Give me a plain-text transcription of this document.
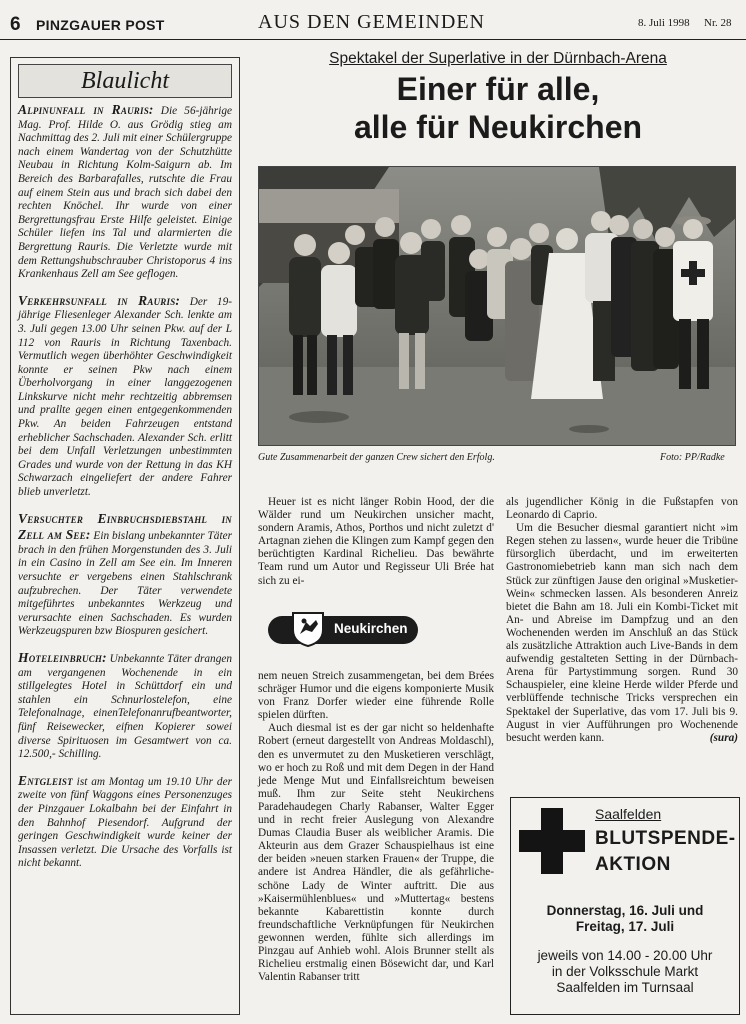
6 PINZGAUER POST	AUS DEN GEMEINDEN	8. Juli 1998 Nr. 28
Blaulicht
Alpinunfall in Rauris: Die 56-jährige Mag. Prof. Hilde O. aus Grödig stieg am Nachmittag des 2. Juli mit einer Schülergruppe nach einem Wandertag von der Schutzhütte Neubau in Richtung Kolm-Saigurn ab. Im Bereich des Barbarafalles, rutschte die Frau auf einem Stein aus und brach sich dabei den rechten Knöchel. Ihr wurde von einer Bergrettungsfrau Erste Hilfe geleistet. Einige Schüler liefen ins Tal und alarmierten die Bergrettung Rauris. Die Verletzte wurde mit dem Rettungshubschrauber Christoporus 4 ins Krankenhaus Zell am See geflogen.
Verkehrsunfall in Rauris: Der 19-jährige Fliesenleger Alexander Sch. lenkte am 3. Juli gegen 13.00 Uhr seinen Pkw. auf der L 112 von Rauris in Richtung Taxenbach. Vermutlich wegen überhöhter Geschwindigkeit konnte er seinen Pkw nach einem Überholvorgang in einer langgezogenen Linkskurve nicht mehr rechtzeitig abbremsen und prallte gegen einen entgegenkommenden Pkw. An beiden Fahrzeugen entstand erheblicher Sachschaden. Alexander Sch. erlitt bei dem Unfall Verletzungen unbestimmten Grades und wurde von der Rettung in das KH Schwarzach eingeliefert der andere Fahrer blieb unverletzt.
Versuchter Einbruchsdiebstahl in Zell am See: Ein bislang unbekannter Täter brach in den frühen Morgenstunden des 3. Juli in ein Casino in Zell am See ein. Im Inneren versuchte er vergebens einen Stahlschrank aufzubrechen. Der Täter verwendete mitgeführtes unbekanntes Werkzeug und verursachte einen Sachschaden. Es wurden Werkzeugspuren bzw Biospuren gesichert.
Hoteleinbruch: Unbekannte Täter drangen am vergangenen Wochenende in ein stillgelegtes Hotel in Schüttdorf ein und stahlen ein Schnurlostelefon, eine Telefonalnage, einenTelefonanrufbeantworter, fünf Reisewecker, eifnen Kopierer sowei diverse Spirituosen im Gesamtwert von ca. 12.500,- Schilling.
Entgleist ist am Montag um 19.10 Uhr der zweite von fünf Waggons eines Personenzuges der Pinzgauer Lokalbahn bei der Einfahrt in den Bahnhof Piesendorf. Aufgrund der geringen Geschwindigkeit wurde keiner der Insassen verletzt. Die Ursache des Vorfalls ist nicht bekannt.
Spektakel der Superlative in der Dürnbach-Arena
Einer für alle,
alle für Neukirchen
Gute Zusammenarbeit der ganzen Crew sichert den Erfolg.	Foto: PP/Radke

Heuer ist es nicht länger Robin Hood, der die Wälder rund um Neukirchen unsicher macht, sondern Aramis, Athos, Porthos und nicht zuletzt d' Artagnan ziehen die Klingen zum Kampf gegen den berüchtigten Kardinal Richelieu. Das bewährte Team rund um Autor und Regisseur Uli Brée hat sich zu ei-

Neukirchen

nem neuen Streich zusammengetan, bei dem Brées schräger Humor und die eigens komponierte Musik von Franz Dorfer wieder eine führende Rolle spielen dürften.

Auch diesmal ist es der gar nicht so heldenhafte Robert (erneut dargestellt von Andreas Moldaschl), den es unvermutet zu den Musketieren verschlägt, wo er hoch zu Roß und mit dem Degen in der Hand jede Menge Mut und Einfallsreichtum beweisen muß. Ihm zur Seite steht Neukirchens Paradehaudegen Charly Rabanser, Walter Egger und in recht freier Auslegung von Alexandre Dumas Claudia Buser als weiblicher Aramis. Die Akteurin aus dem Grazer Schauspielhaus ist eine der beiden »neuen starken Frauen« der Truppe, die andere ist Andrea Händler, die als gefährliche-schöne Lady de Winter auftritt. Die aus »Kaisermühlenblues« und »Muttertag« bestens bekannte Kabarettistin konnte durch freundschaftliche Verknüpfungen für Neukirchen gewonnen werden, fühlte sich allerdings im Pinzgau auf Anhieb wohl. Alois Brunner stellt als Richelieu erstmalig einen Bösewicht dar, und Karl Valentin Rabanser tritt

als jugendlicher König in die Fußstapfen von Leonardo di Caprio.

Um die Besucher diesmal garantiert nicht »im Regen stehen zu lassen«, wurde heuer die Tribüne fürsorglich überdacht, und im erweiterten Gastronomiebetrieb kann man sich nach dem Stück zur zünftigen Jause den original »Musketier-Wein« schmecken lassen. Als besonderen Anreiz bietet die Bahn am 18. Juli ein Kombi-Ticket mit An- und Abreise im Dampfzug und an den Wochenenden werden im Anschluß an das Stück als zusätzliche Attraktion auch Live-Bands in dem aufwendig gestalteten Setting in der Dürnbach-Arena für Partystimmung sorgen. Rund 30 Schauspieler, eine kleine Herde wilder Pferde und verblüffende technische Tricks versprechen ein Spektakel der Superlative, das vom 17. Juli bis 9. August in vier Aufführungen pro Wochenende besucht werden kann.	(sura)

Saalfelden
BLUTSPENDE-
AKTION
Donnerstag, 16. Juli und
Freitag, 17. Juli
jeweils von 14.00 - 20.00 Uhr
in der Volksschule Markt
Saalfelden im Turnsaal
